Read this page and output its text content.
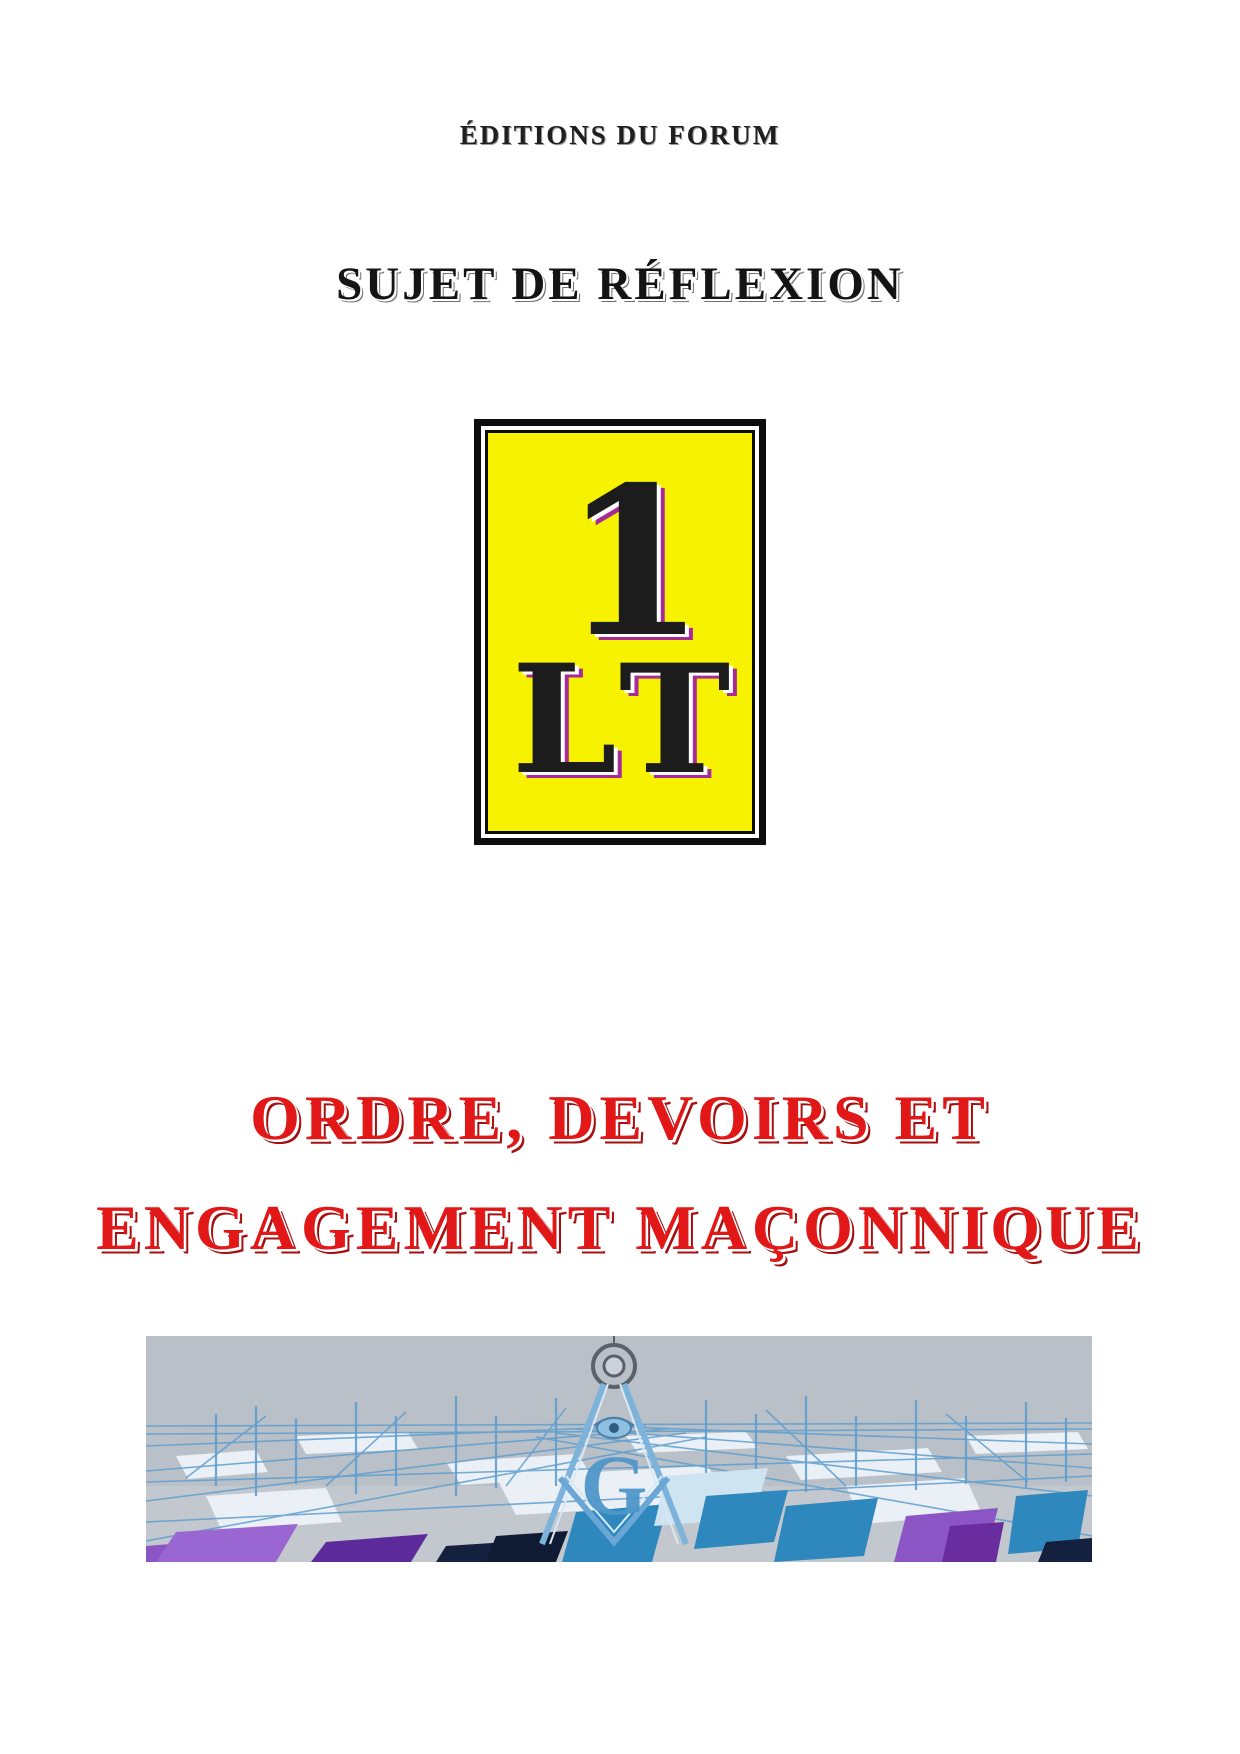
ÉDITIONS DU FORUM
SUJET DE RÉFLEXION
1
LT
ORDRE, DEVOIRS ET
ENGAGEMENT MAÇONNIQUE
G
